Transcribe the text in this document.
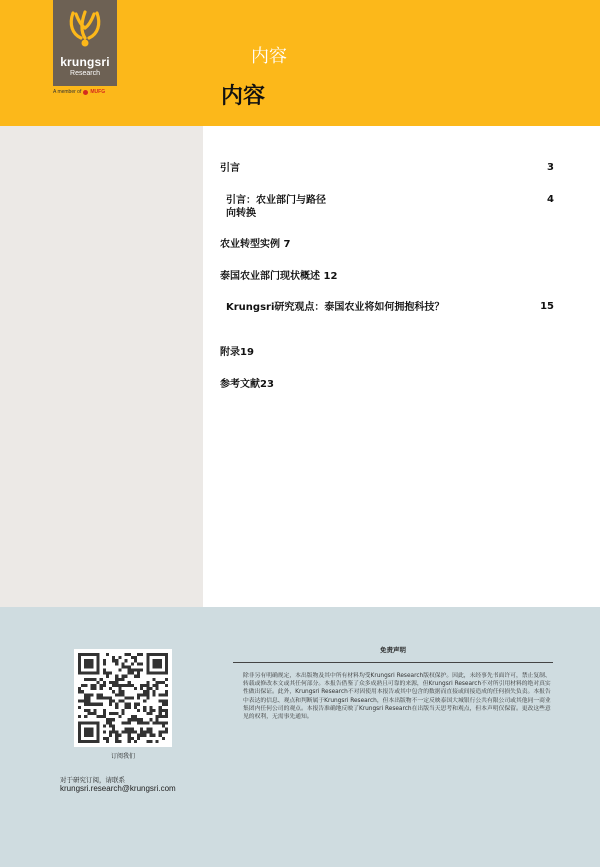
krungsri
Research
A member of MUFG
内容
内容
引言	3
引言：农业部门与路径
向转换
4
农业转型实例 7
泰国农业部门现状概述 12
Krungsri研究观点：泰国农业将如何拥抱科技？	15
附录19
参考文献23
订阅我们
对于研究订阅，请联系
krungsri.research@krungsri.com
免责声明
除非另有明确规定，本出版物及其中所有材料均受Krungsri Research版权保护。因此，未经事先书面许可，禁止复制、转载或修改本文或其任何部分。本报告借鉴了众多成熟且可靠的来源，但Krungsri Research不对所引用材料的绝对真实性做出保证。此外，Krungsri Research不对因使用本报告或其中包含的数据而直接或间接造成的任何损失负责。本报告中表达的信息、观点和判断属于Krungsri Research，但本出版物不一定反映泰国大城银行公共有限公司或其他同一商业集团内任何公司的观点。本报告准确地反映了Krungsri Research在出版当天思考和观点，但本声明仅保留。更改这些意见的权利，无需事先通知。
